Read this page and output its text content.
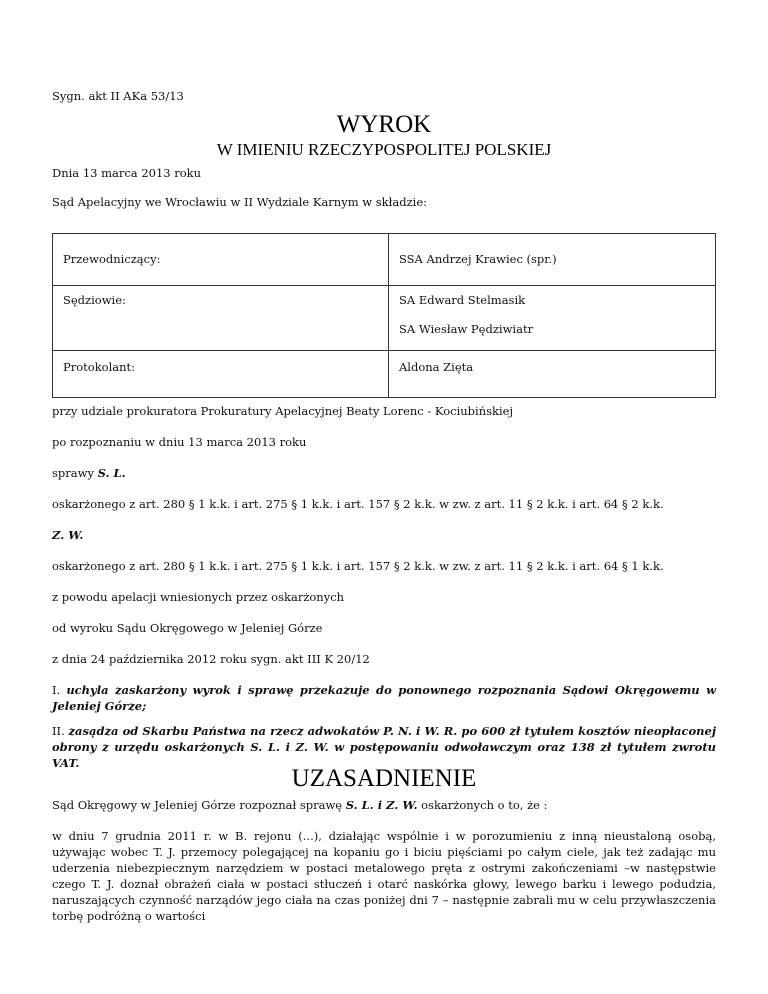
Sygn. akt II AKa 53/13
WYROK
W IMIENIU RZECZYPOSPOLITEJ POLSKIEJ
Dnia 13 marca 2013 roku
Sąd Apelacyjny we Wrocławiu w II Wydziale Karnym w składzie:
Przewodniczący:	SSA Andrzej Krawiec (spr.)

Sędziowie:	SA Edward Stelmasik
SA Wiesław Pędziwiatr

Protokolant:	Aldona Zięta
przy udziale prokuratora Prokuratury Apelacyjnej Beaty Lorenc - Kociubińskiej
po rozpoznaniu w dniu 13 marca 2013 roku
sprawy S. L.
oskarżonego z art. 280 § 1 k.k. i art. 275 § 1 k.k. i art. 157 § 2 k.k. w zw. z art. 11 § 2 k.k. i art. 64 § 2 k.k.
Z. W.
oskarżonego z art. 280 § 1 k.k. i art. 275 § 1 k.k. i art. 157 § 2 k.k. w zw. z art. 11 § 2 k.k. i art. 64 § 1 k.k.
z powodu apelacji wniesionych przez oskarżonych
od wyroku Sądu Okręgowego w Jeleniej Górze
z dnia 24 października 2012 roku sygn. akt III K 20/12
I. uchyla zaskarżony wyrok i sprawę przekazuje do ponownego rozpoznania Sądowi Okręgowemu w Jeleniej Górze;
II. zasądza od Skarbu Państwa na rzecz adwokatów P. N. i W. R. po 600 zł tytułem kosztów nieopłaconej obrony z urzędu oskarżonych S. L. i Z. W. w postępowaniu odwoławczym oraz 138 zł tytułem zwrotu VAT.
UZASADNIENIE
Sąd Okręgowy w Jeleniej Górze rozpoznał sprawę S. L. i Z. W. oskarżonych o to, że :
w dniu 7 grudnia 2011 r. w B. rejonu (...), działając wspólnie i w porozumieniu z inną nieustaloną osobą, używając wobec T. J. przemocy polegającej na kopaniu go i biciu pięściami po całym ciele, jak też zadając mu uderzenia niebezpiecznym narzędziem w postaci metalowego pręta z ostrymi zakończeniami –w następstwie czego T. J. doznał obrażeń ciała w postaci stłuczeń i otarć naskórka głowy, lewego barku i lewego podudzia, naruszających czynność narządów jego ciała na czas poniżej dni 7 – następnie zabrali mu w celu przywłaszczenia torbę podróżną o wartości
